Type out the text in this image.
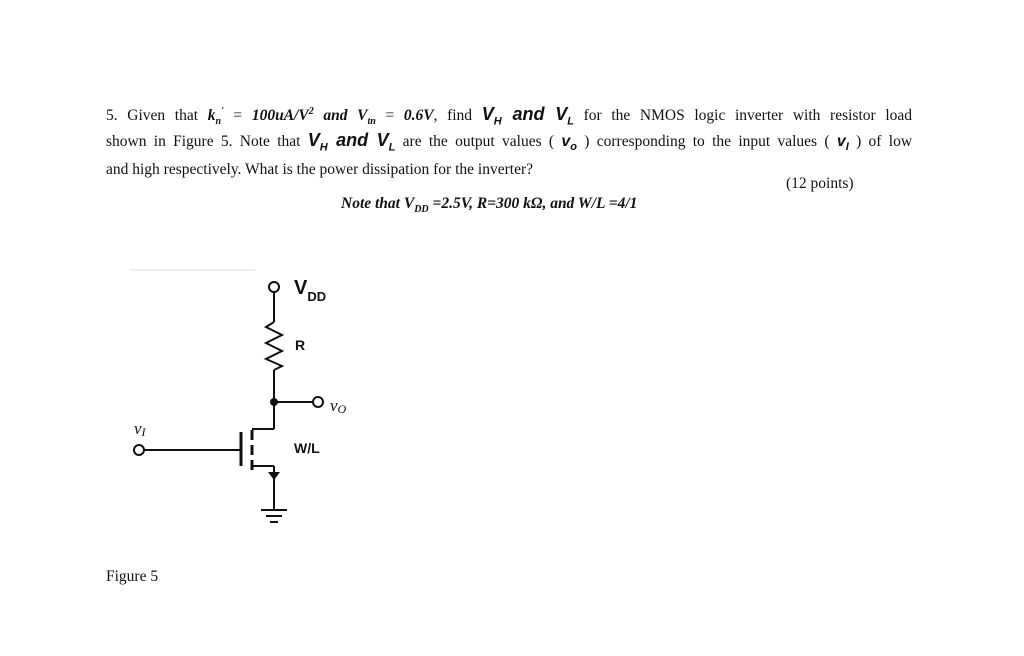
5. Given that $k_n' = 100uA/V^2$ and $V_{tn} = 0.6V$, find $V_H$ and $V_L$ for the NMOS logic inverter with resistor load
shown in Figure 5. Note that $V_H$ and $V_L$ are the output values ( $v_o$ ) corresponding to the input values ( $v_I$ ) of low
and high respectively. What is the power dissipation for the inverter?
(12 points)
Note that $V_{DD} =2.5V$, R=300 kΩ, and W/L =4/1
$V_{DD}$
R
vO
vI
W/L
Figure 5
